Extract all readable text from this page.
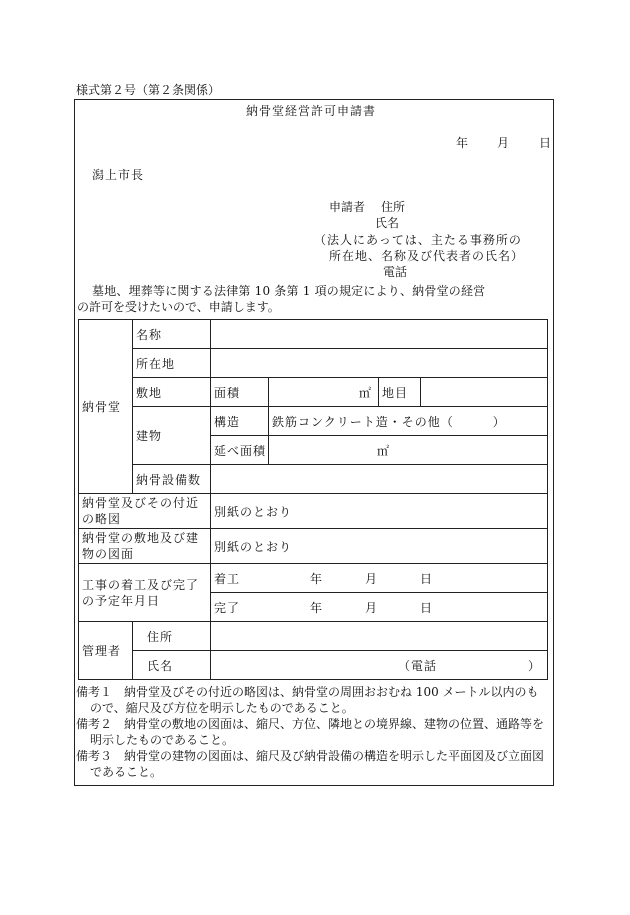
様式第２号（第２条関係）
納骨堂経営許可申請書
年 月 日
潟上市長
申請者 住所
氏名
（法人にあっては、主たる事務所の
所在地、名称及び代表者の氏名）
電話
墓地、埋葬等に関する法律第 10 条第 1 項の規定により、納骨堂の経営
の許可を受けたいので、申請します。
納骨堂	名称					
	所在地					
	敷地	面積	㎡	地目		
	建物	構造	鉄筋コンクリート造・その他（　　　）			
		延べ面積	㎡			
	納骨設備数					
納骨堂及びその付近の略図		別紙のとおり				
納骨堂の敷地及び建物の図面		別紙のとおり				
工事の着工及び完了の予定年月日		着工 年 月 日				
		完了 年 月 日				
管理者	住所					
	氏名	（電話　　　　　　　）				
備考１　納骨堂及びその付近の略図は、納骨堂の周囲おおむね 100 メートル以内のもので、縮尺及び方位を明示したものであること。
備考２　納骨堂の敷地の図面は、縮尺、方位、隣地との境界線、建物の位置、通路等を明示したものであること。
備考３　納骨堂の建物の図面は、縮尺及び納骨設備の構造を明示した平面図及び立面図であること。
